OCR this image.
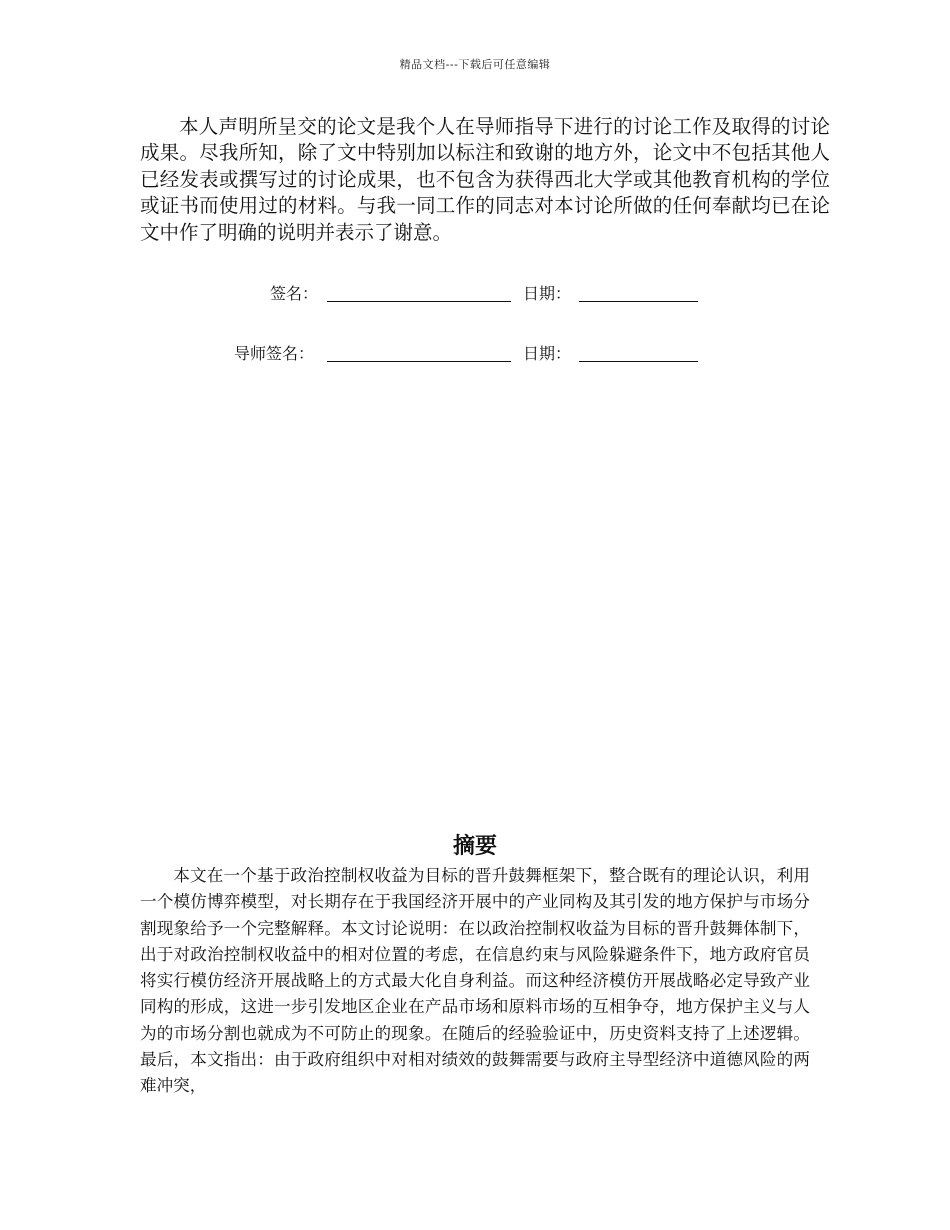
精品文档---下载后可任意编辑

本人声明所呈交的论文是我个人在导师指导下进行的讨论工作及取得的讨论成果。尽我所知，除了文中特别加以标注和致谢的地方外，论文中不包括其他人已经发表或撰写过的讨论成果，也不包含为获得西北大学或其他教育机构的学位或证书而使用过的材料。与我一同工作的同志对本讨论所做的任何奉献均已在论文中作了明确的说明并表示了谢意。

签名：	日期：
导师签名：	日期：
摘要

本文在一个基于政治控制权收益为目标的晋升鼓舞框架下，整合既有的理论认识，利用一个模仿博弈模型，对长期存在于我国经济开展中的产业同构及其引发的地方保护与市场分割现象给予一个完整解释。本文讨论说明：在以政治控制权收益为目标的晋升鼓舞体制下，出于对政治控制权收益中的相对位置的考虑，在信息约束与风险躲避条件下，地方政府官员将实行模仿经济开展战略上的方式最大化自身利益。而这种经济模仿开展战略必定导致产业同构的形成，这进一步引发地区企业在产品市场和原料市场的互相争夺，地方保护主义与人为的市场分割也就成为不可防止的现象。在随后的经验验证中，历史资料支持了上述逻辑。最后，本文指出：由于政府组织中对相对绩效的鼓舞需要与政府主导型经济中道德风险的两难冲突，
